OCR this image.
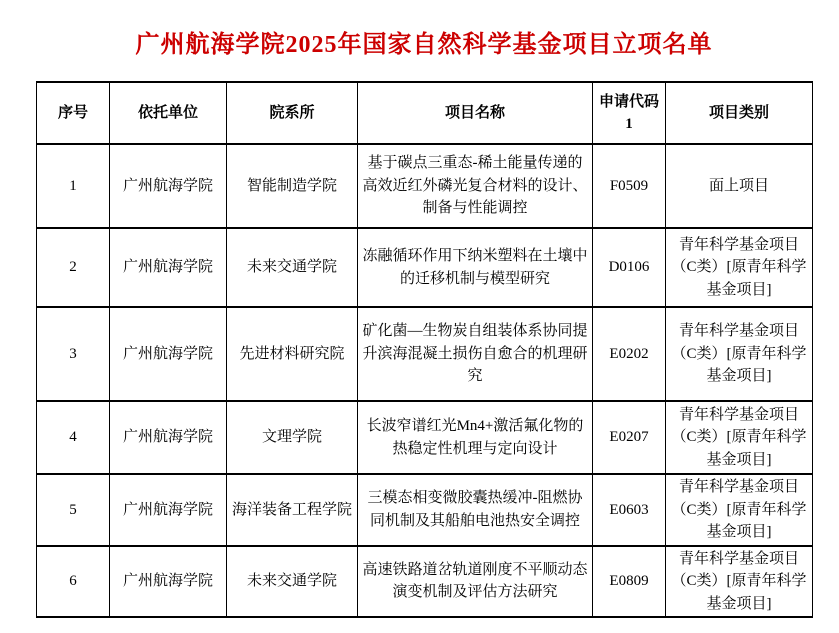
广州航海学院2025年国家自然科学基金项目立项名单
序号	依托单位	院系所	项目名称	申请代码1	项目类别
1	广州航海学院	智能制造学院	基于碳点三重态-稀土能量传递的高效近红外磷光复合材料的设计、制备与性能调控	F0509	面上项目
2	广州航海学院	未来交通学院	冻融循环作用下纳米塑料在土壤中的迁移机制与模型研究	D0106	青年科学基金项目（C类）[原青年科学基金项目]
3	广州航海学院	先进材料研究院	矿化菌—生物炭自组装体系协同提升滨海混凝土损伤自愈合的机理研究	E0202	青年科学基金项目（C类）[原青年科学基金项目]
4	广州航海学院	文理学院	长波窄谱红光Mn4+激活氟化物的热稳定性机理与定向设计	E0207	青年科学基金项目（C类）[原青年科学基金项目]
5	广州航海学院	海洋装备工程学院	三模态相变微胶囊热缓冲-阻燃协同机制及其船舶电池热安全调控	E0603	青年科学基金项目（C类）[原青年科学基金项目]
6	广州航海学院	未来交通学院	高速铁路道岔轨道刚度不平顺动态演变机制及评估方法研究	E0809	青年科学基金项目（C类）[原青年科学基金项目]
